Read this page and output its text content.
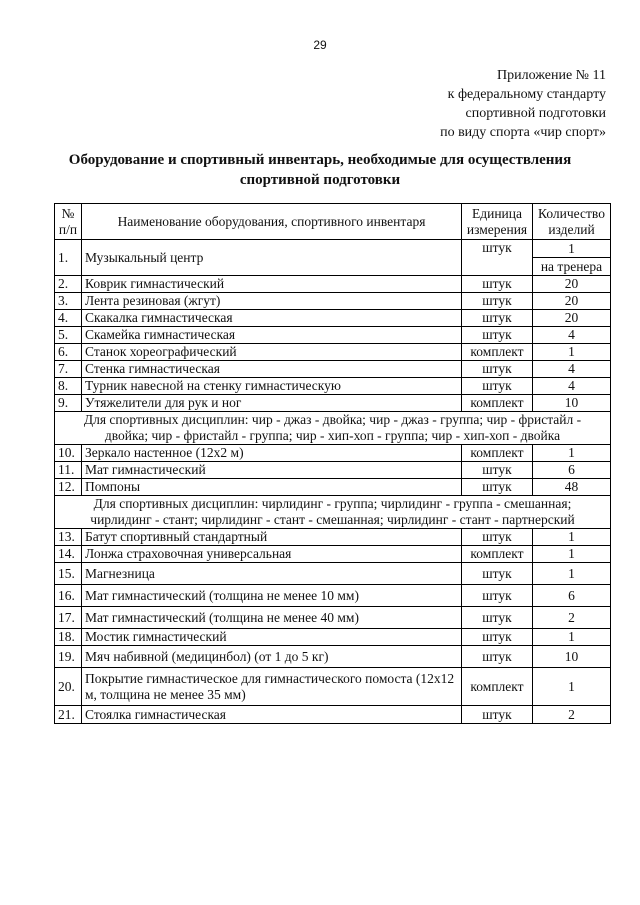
29
Приложение № 11
к федеральному стандарту
спортивной подготовки
по виду спорта «чир спорт»
Оборудование и спортивный инвентарь, необходимые для осуществления
спортивной подготовки
№ п/п	Наименование оборудования, спортивного инвентаря	Единица измерения	Количество изделий
1.	Музыкальный центр	штук	1
на тренера

2.	Коврик гимнастический	штук	20
3.	Лента резиновая (жгут)	штук	20
4.	Скакалка гимнастическая	штук	20
5.	Скамейка гимнастическая	штук	4
6.	Станок хореографический	комплект	1
7.	Стенка гимнастическая	штук	4
8.	Турник навесной на стенку гимнастическую	штук	4
9.	Утяжелители для рук и ног	комплект	10

Для спортивных дисциплин: чир - джаз - двойка; чир - джаз - группа; чир - фристайл -
двойка; чир - фристайл - группа; чир - хип-хоп - группа; чир - хип-хоп - двойка			

10.	Зеркало настенное (12x2 м)	комплект	1
11.	Мат гимнастический	штук	6
12.	Помпоны	штук	48

Для спортивных дисциплин: чирлидинг - группа; чирлидинг - группа - смешанная;
чирлидинг - стант; чирлидинг - стант - смешанная; чирлидинг - стант - партнерский			

13.	Батут спортивный стандартный	штук	1
14.	Лонжа страховочная универсальная	комплект	1
15.	Магнезница	штук	1
16.	Мат гимнастический (толщина не менее 10 мм)	штук	6
17.	Мат гимнастический (толщина не менее 40 мм)	штук	2
18.	Мостик гимнастический	штук	1
19.	Мяч набивной (медицинбол) (от 1 до 5 кг)	штук	10
20.	Покрытие гимнастическое для гимнастического помоста (12x12 м, толщина не менее 35 мм)	комплект	1
21.	Стоялка гимнастическая	штук	2
